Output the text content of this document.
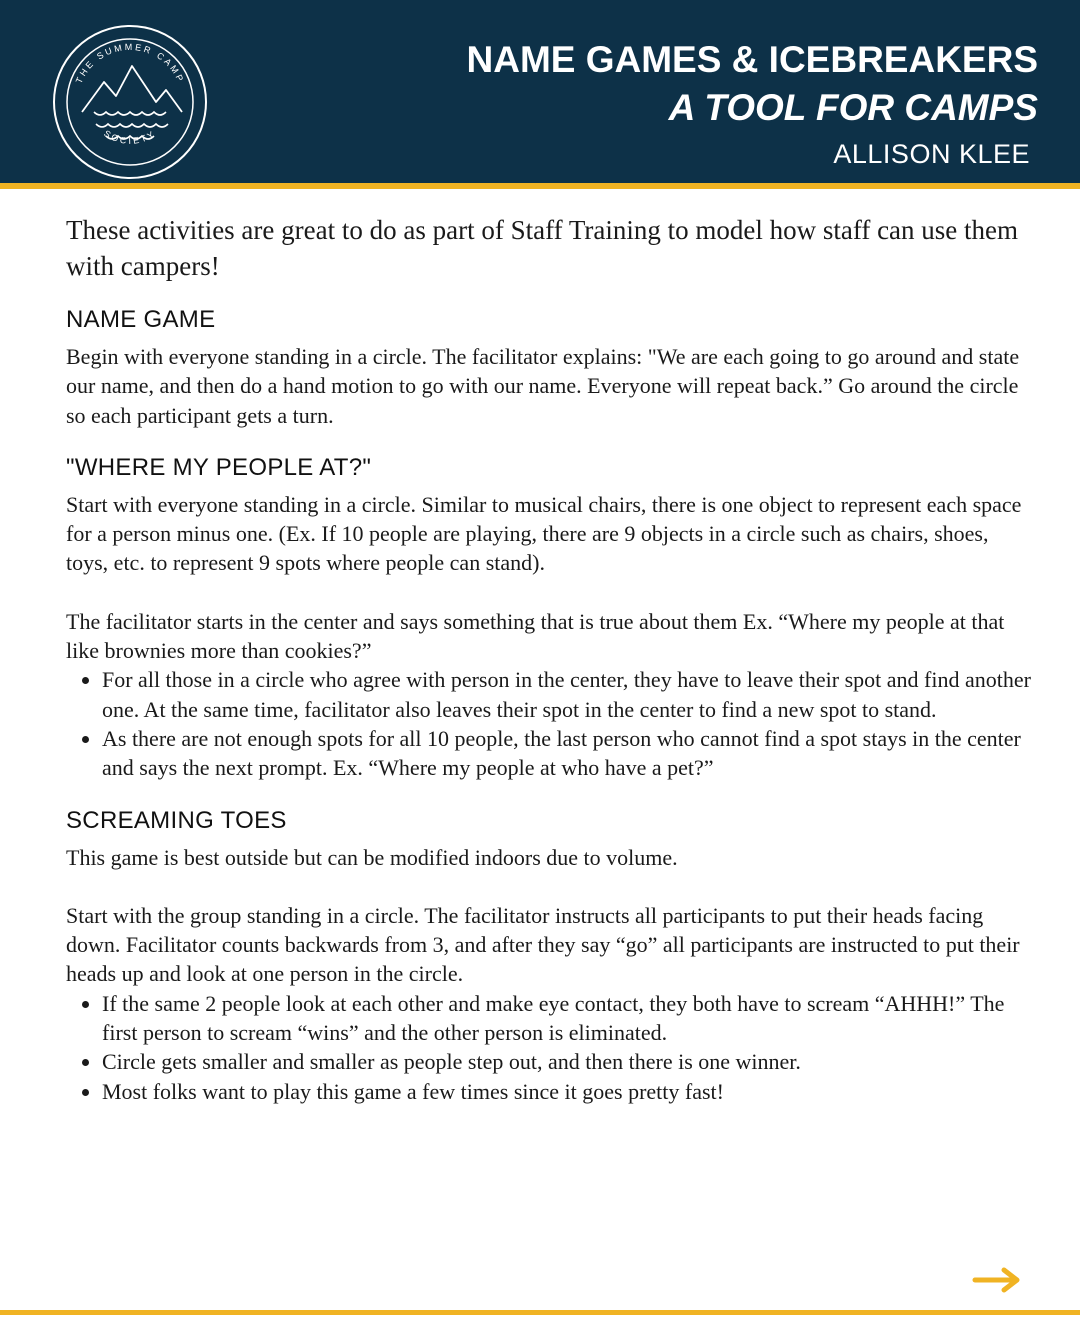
THE SUMMER CAMP
SOCIETY
NAME GAMES & ICEBREAKERS
A TOOL FOR CAMPS
ALLISON KLEE

These activities are great to do as part of Staff Training to model how staff can use them with campers!

NAME GAME

Begin with everyone standing in a circle. The facilitator explains: "We are each going to go around and state our name, and then do a hand motion to go with our name. Everyone will repeat back.” Go around the circle so each participant gets a turn.

"WHERE MY PEOPLE AT?"

Start with everyone standing in a circle. Similar to musical chairs, there is one object to represent each space for a person minus one. (Ex. If 10 people are playing, there are 9 objects in a circle such as chairs, shoes, toys, etc. to represent 9 spots where people can stand).

The facilitator starts in the center and says something that is true about them Ex. “Where my people at that like brownies more than cookies?”

• For all those in a circle who agree with person in the center, they have to leave their spot and find another one. At the same time, facilitator also leaves their spot in the center to find a new spot to stand.
• As there are not enough spots for all 10 people, the last person who cannot find a spot stays in the center and says the next prompt. Ex. “Where my people at who have a pet?”
SCREAMING TOES

This game is best outside but can be modified indoors due to volume.

Start with the group standing in a circle. The facilitator instructs all participants to put their heads facing down. Facilitator counts backwards from 3, and after they say “go” all participants are instructed to put their heads up and look at one person in the circle.

• If the same 2 people look at each other and make eye contact, they both have to scream “AHHH!” The first person to scream “wins” and the other person is eliminated.
• Circle gets smaller and smaller as people step out, and then there is one winner.
• Most folks want to play this game a few times since it goes pretty fast!
